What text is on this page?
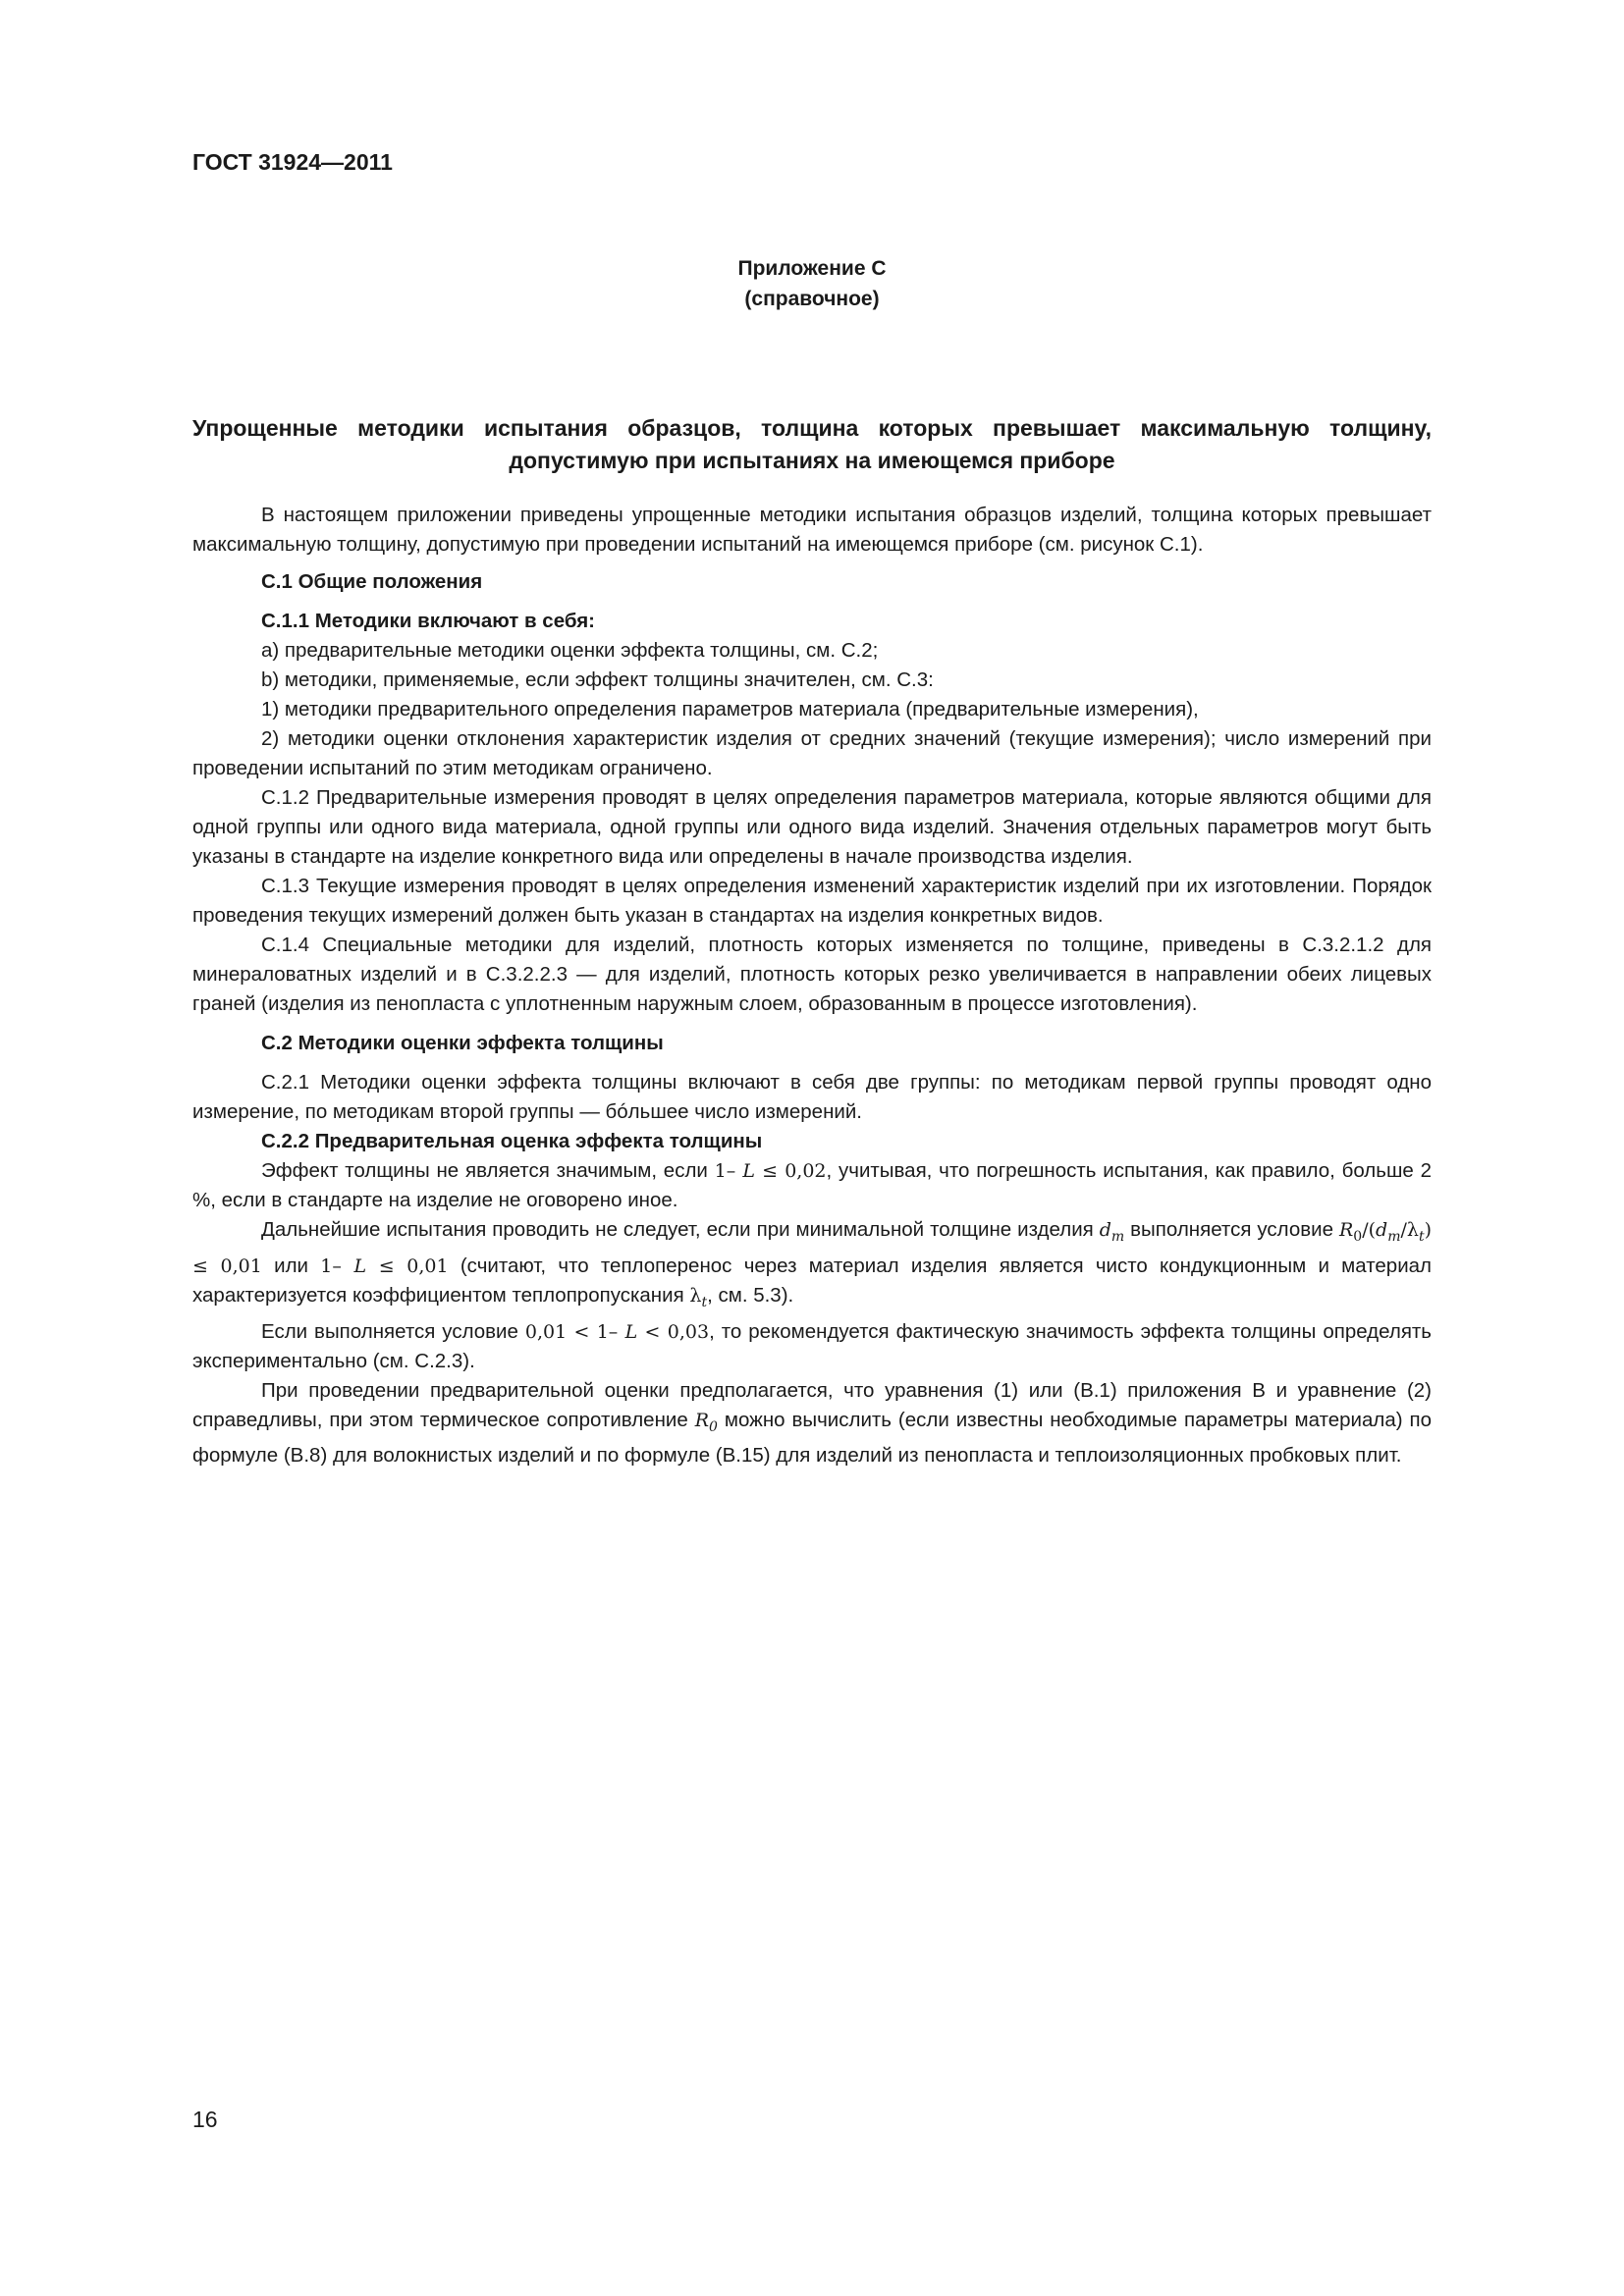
ГОСТ 31924—2011
Приложение С
(справочное)
Упрощенные методики испытания образцов, толщина которых превышает максимальную толщину, допустимую при испытаниях на имеющемся приборе

В настоящем приложении приведены упрощенные методики испытания образцов изделий, толщина которых превышает максимальную толщину, допустимую при проведении испытаний на имеющемся приборе (см. рисунок С.1).

С.1 Общие положения

С.1.1 Методики включают в себя:

a) предварительные методики оценки эффекта толщины, см. С.2;

b) методики, применяемые, если эффект толщины значителен, см. С.3:

1) методики предварительного определения параметров материала (предварительные измерения),

2) методики оценки отклонения характеристик изделия от средних значений (текущие измерения); число измерений при проведении испытаний по этим методикам ограничено.

С.1.2 Предварительные измерения проводят в целях определения параметров материала, которые являются общими для одной группы или одного вида материала, одной группы или одного вида изделий. Значения отдельных параметров могут быть указаны в стандарте на изделие конкретного вида или определены в начале производства изделия.

С.1.3 Текущие измерения проводят в целях определения изменений характеристик изделий при их изготовлении. Порядок проведения текущих измерений должен быть указан в стандартах на изделия конкретных видов.

С.1.4 Специальные методики для изделий, плотность которых изменяется по толщине, приведены в С.3.2.1.2 для минераловатных изделий и в С.3.2.2.3 — для изделий, плотность которых резко увеличивается в направлении обеих лицевых граней (изделия из пенопласта с уплотненным наружным слоем, образованным в процессе изготовления).

С.2 Методики оценки эффекта толщины

С.2.1 Методики оценки эффекта толщины включают в себя две группы: по методикам первой группы проводят одно измерение, по методикам второй группы — бóльшее число измерений.

С.2.2 Предварительная оценка эффекта толщины

Эффект толщины не является значимым, если 1– L ≤ 0,02, учитывая, что погрешность испытания, как правило, больше 2 %, если в стандарте на изделие не оговорено иное.

Дальнейшие испытания проводить не следует, если при минимальной толщине изделия $d_m$ выполняется условие $R_0/(d_m/\lambda_t) \le 0,01$ или 1– L ≤ 0,01 (считают, что теплоперенос через материал изделия является чисто кондукционным и материал характеризуется коэффициентом теплопропускания $\lambda_t$, см. 5.3).

Если выполняется условие 0,01 < 1– L < 0,03, то рекомендуется фактическую значимость эффекта толщины определять экспериментально (см. С.2.3).

При проведении предварительной оценки предполагается, что уравнения (1) или (В.1) приложения В и уравнение (2) справедливы, при этом термическое сопротивление $R_0$ можно вычислить (если известны необходимые параметры материала) по формуле (В.8) для волокнистых изделий и по формуле (В.15) для изделий из пенопласта и теплоизоляционных пробковых плит.

16
